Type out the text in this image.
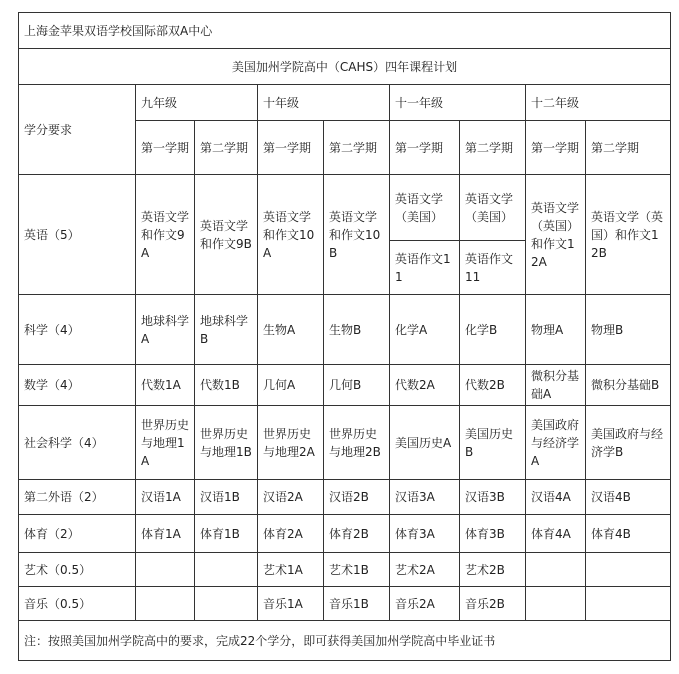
上海金苹果双语学校国际部双A中心								
美国加州学院高中（CAHS）四年课程计划								
学分要求	九年级		十年级		十一年级		十二年级	
	第一学期	第二学期	第一学期	第二学期	第一学期	第二学期	第一学期	第二学期
英语（5）	英语文学和作文9A	英语文学和作文9B	英语文学和作文10A	英语文学和作文10B	英语文学（美国）	英语文学（美国）	英语文学（英国）和作文12A	英语文学（英国）和作文12B
					英语作文11	英语作文11		
科学（4）	地球科学A	地球科学B	生物A	生物B	化学A	化学B	物理A	物理B
数学（4）	代数1A	代数1B	几何A	几何B	代数2A	代数2B	微积分基础A	微积分基础B
社会科学（4）	世界历史与地理1A	世界历史与地理1B	世界历史与地理2A	世界历史与地理2B	美国历史A	美国历史B	美国政府与经济学A	美国政府与经济学B
第二外语（2）	汉语1A	汉语1B	汉语2A	汉语2B	汉语3A	汉语3B	汉语4A	汉语4B
体育（2）	体育1A	体育1B	体育2A	体育2B	体育3A	体育3B	体育4A	体育4B
艺术（0.5）			艺术1A	艺术1B	艺术2A	艺术2B		
音乐（0.5）			音乐1A	音乐1B	音乐2A	音乐2B		
注：按照美国加州学院高中的要求，完成22个学分，即可获得美国加州学院高中毕业证书								
